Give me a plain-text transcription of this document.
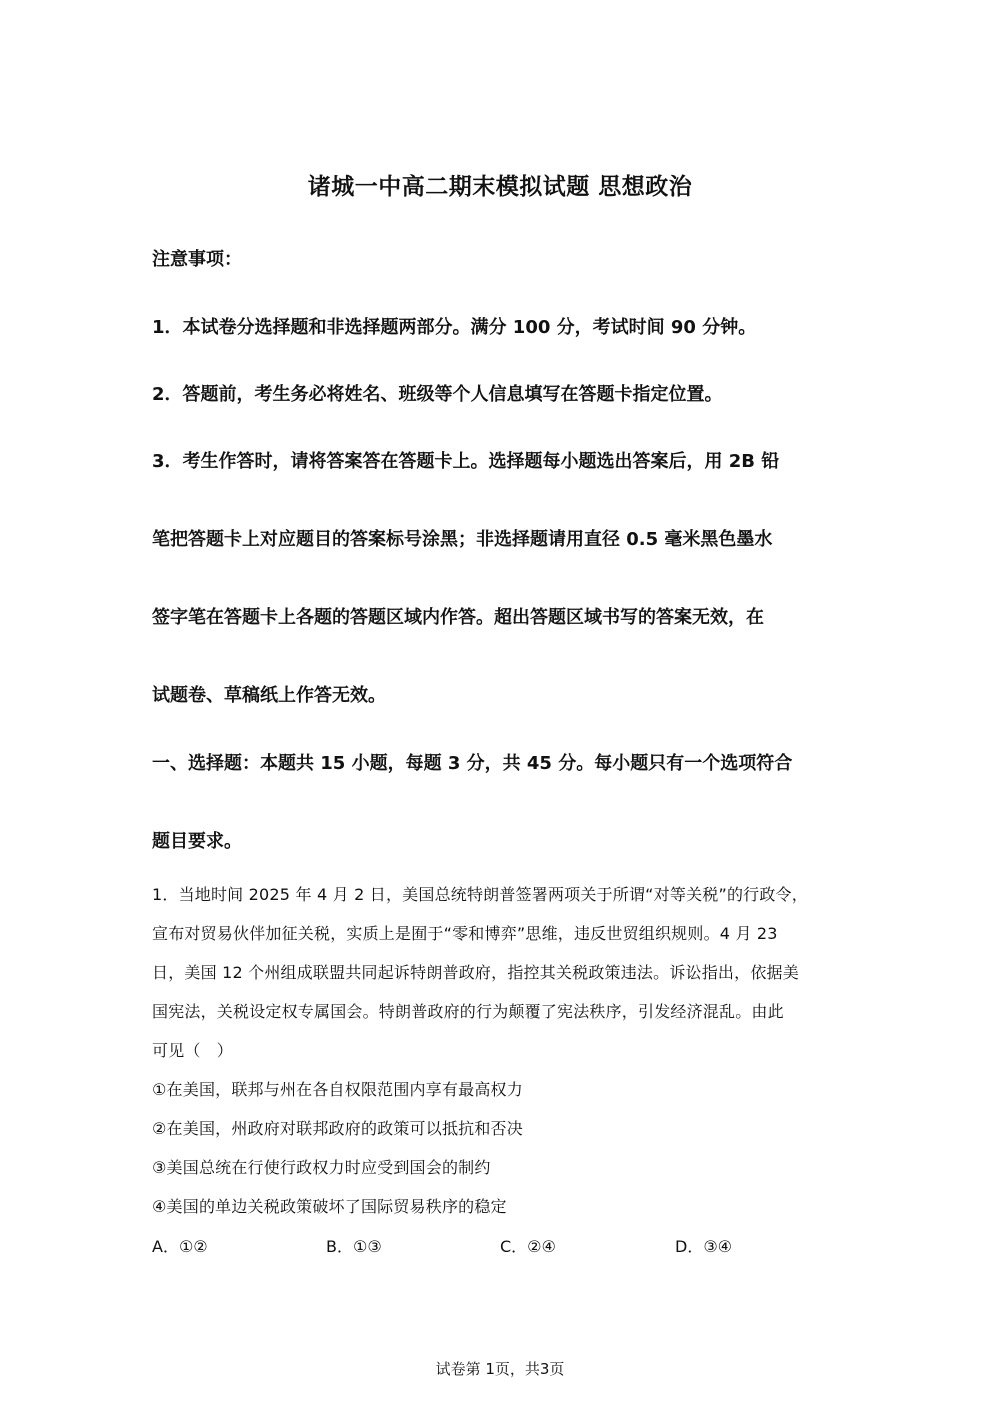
诸城一中高二期末模拟试题 思想政治

注意事项：

1．本试卷分选择题和非选择题两部分。满分 100 分，考试时间 90 分钟。

2．答题前，考生务必将姓名、班级等个人信息填写在答题卡指定位置。

3．考生作答时，请将答案答在答题卡上。选择题每小题选出答案后，用 2B 铅

笔把答题卡上对应题目的答案标号涂黑；非选择题请用直径 0.5 毫米黑色墨水

签字笔在答题卡上各题的答题区域内作答。超出答题区域书写的答案无效，在

试题卷、草稿纸上作答无效。

一、选择题：本题共 15 小题，每题 3 分，共 45 分。每小题只有一个选项符合

题目要求。

1．当地时间 2025 年 4 月 2 日，美国总统特朗普签署两项关于所谓“对等关税”的行政令，

宣布对贸易伙伴加征关税，实质上是囿于“零和博弈”思维，违反世贸组织规则。4 月 23

日，美国 12 个州组成联盟共同起诉特朗普政府，指控其关税政策违法。诉讼指出，依据美

国宪法，关税设定权专属国会。特朗普政府的行为颠覆了宪法秩序，引发经济混乱。由此

可见（　）

①在美国，联邦与州在各自权限范围内享有最高权力

②在美国，州政府对联邦政府的政策可以抵抗和否决

③美国总统在行使行政权力时应受到国会的制约

④美国的单边关税政策破坏了国际贸易秩序的稳定

A．①②	B．①③	C．②④	D．③④
试卷第 1页，共3页
